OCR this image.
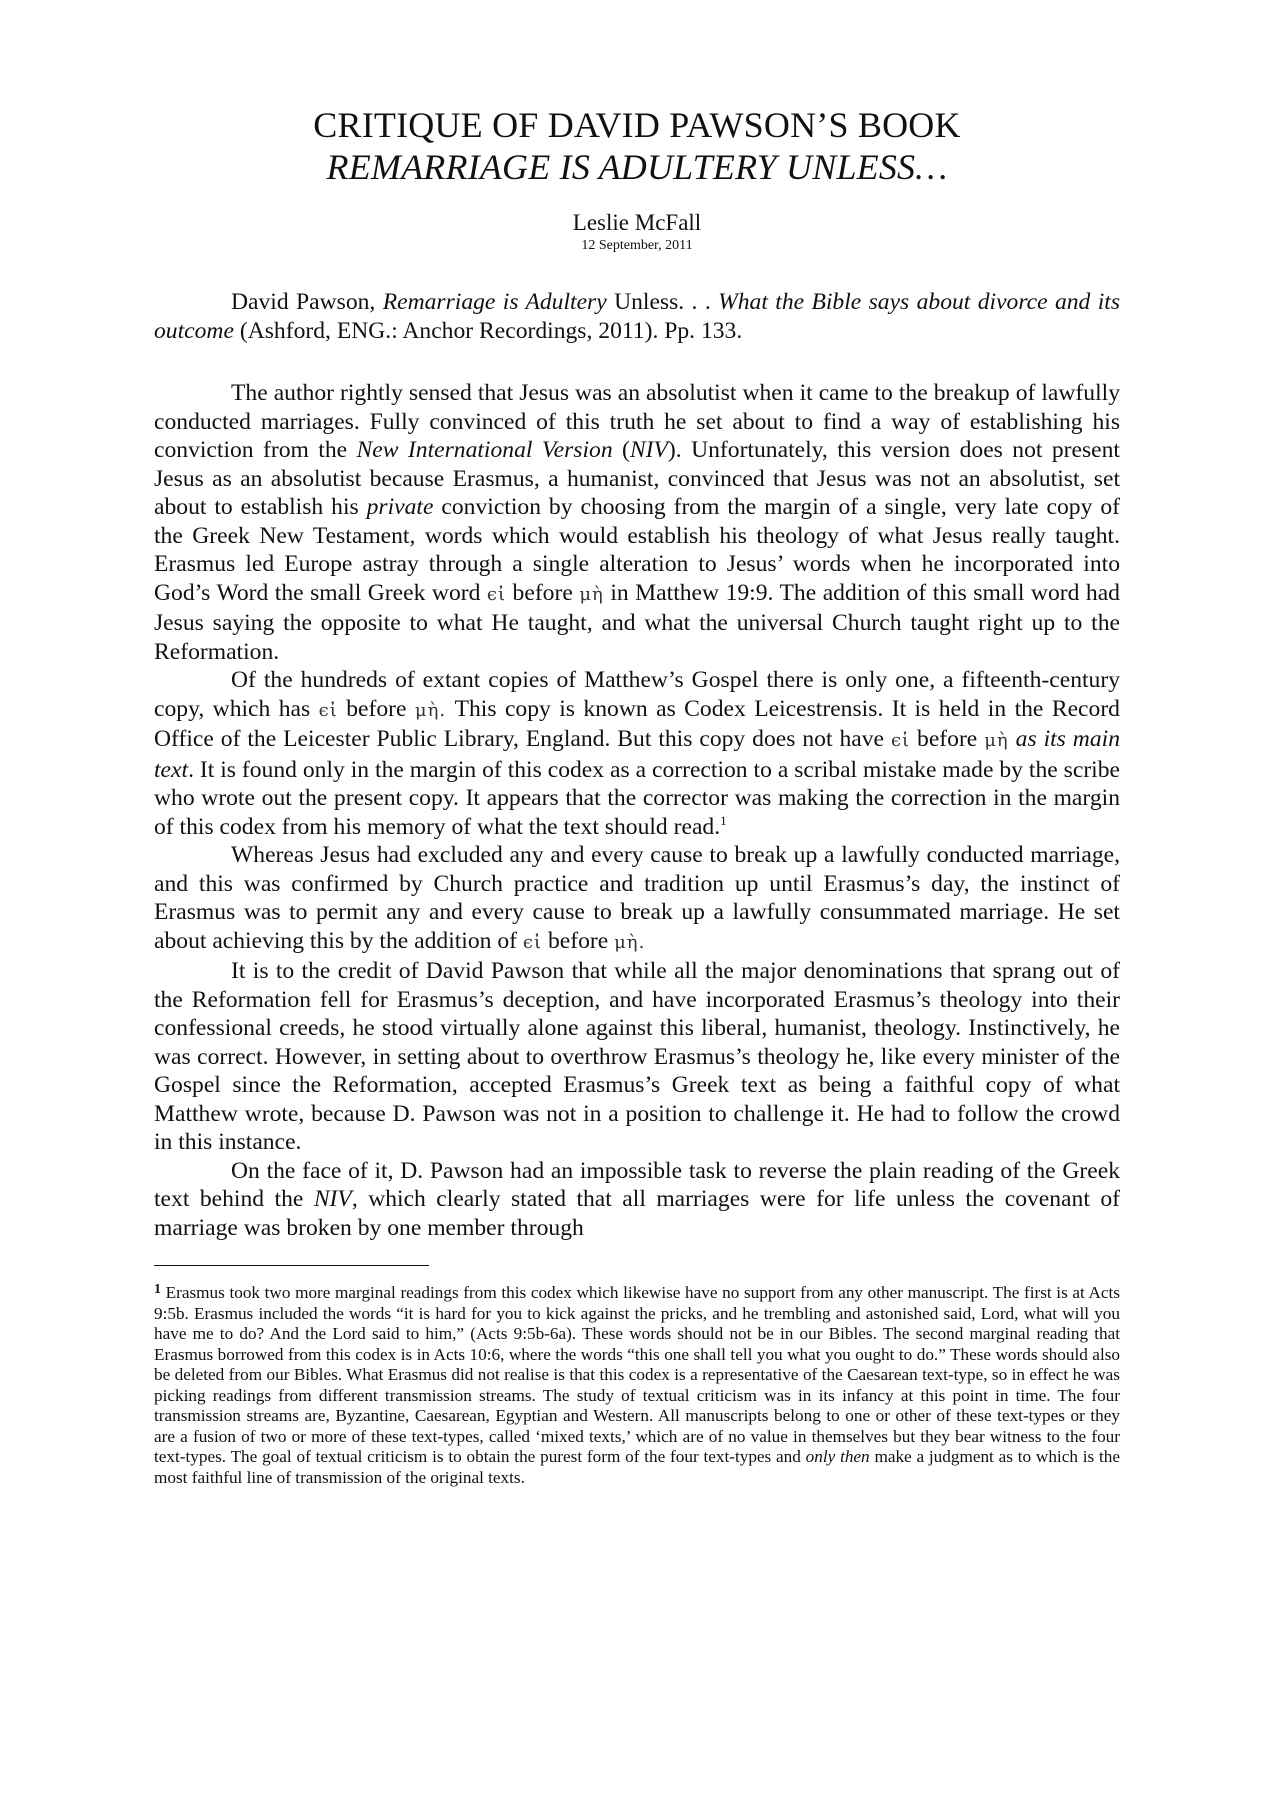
CRITIQUE OF DAVID PAWSON’S BOOK
REMARRIAGE IS ADULTERY UNLESS…
Leslie McFall
12 September, 2011

David Pawson, Remarriage is Adultery Unless. . . What the Bible says about divorce and its outcome (Ashford, ENG.: Anchor Recordings, 2011). Pp. 133.

The author rightly sensed that Jesus was an absolutist when it came to the breakup of lawfully conducted marriages. Fully convinced of this truth he set about to find a way of establishing his conviction from the New International Version (NIV). Unfortunately, this version does not present Jesus as an absolutist because Erasmus, a humanist, convinced that Jesus was not an absolutist, set about to establish his private conviction by choosing from the margin of a single, very late copy of the Greek New Testament, words which would establish his theology of what Jesus really taught. Erasmus led Europe astray through a single alteration to Jesus’ words when he incorporated into God’s Word the small Greek word ϵἰ before μὴ in Matthew 19:9. The addition of this small word had Jesus saying the opposite to what He taught, and what the universal Church taught right up to the Reformation.

Of the hundreds of extant copies of Matthew’s Gospel there is only one, a fifteenth-century copy, which has ϵἰ before μὴ. This copy is known as Codex Leicestrensis. It is held in the Record Office of the Leicester Public Library, England. But this copy does not have ϵἰ before μὴ as its main text. It is found only in the margin of this codex as a correction to a scribal mistake made by the scribe who wrote out the present copy. It appears that the corrector was making the correction in the margin of this codex from his memory of what the text should read.$^1$

Whereas Jesus had excluded any and every cause to break up a lawfully conducted marriage, and this was confirmed by Church practice and tradition up until Erasmus’s day, the instinct of Erasmus was to permit any and every cause to break up a lawfully consummated marriage. He set about achieving this by the addition of ϵἰ before μὴ.

It is to the credit of David Pawson that while all the major denominations that sprang out of the Reformation fell for Erasmus’s deception, and have incorporated Erasmus’s theology into their confessional creeds, he stood virtually alone against this liberal, humanist, theology. Instinctively, he was correct. However, in setting about to overthrow Erasmus’s theology he, like every minister of the Gospel since the Reformation, accepted Erasmus’s Greek text as being a faithful copy of what Matthew wrote, because D. Pawson was not in a position to challenge it. He had to follow the crowd in this instance.

On the face of it, D. Pawson had an impossible task to reverse the plain reading of the Greek text behind the NIV, which clearly stated that all marriages were for life unless the covenant of marriage was broken by one member through

$^1$ Erasmus took two more marginal readings from this codex which likewise have no support from any other manuscript. The first is at Acts 9:5b. Erasmus included the words “it is hard for you to kick against the pricks, and he trembling and astonished said, Lord, what will you have me to do? And the Lord said to him,” (Acts 9:5b-6a). These words should not be in our Bibles. The second marginal reading that Erasmus borrowed from this codex is in Acts 10:6, where the words “this one shall tell you what you ought to do.” These words should also be deleted from our Bibles. What Erasmus did not realise is that this codex is a representative of the Caesarean text-type, so in effect he was picking readings from different transmission streams. The study of textual criticism was in its infancy at this point in time. The four transmission streams are, Byzantine, Caesarean, Egyptian and Western. All manuscripts belong to one or other of these text-types or they are a fusion of two or more of these text-types, called ‘mixed texts,’ which are of no value in themselves but they bear witness to the four text-types. The goal of textual criticism is to obtain the purest form of the four text-types and only then make a judgment as to which is the most faithful line of transmission of the original texts.
